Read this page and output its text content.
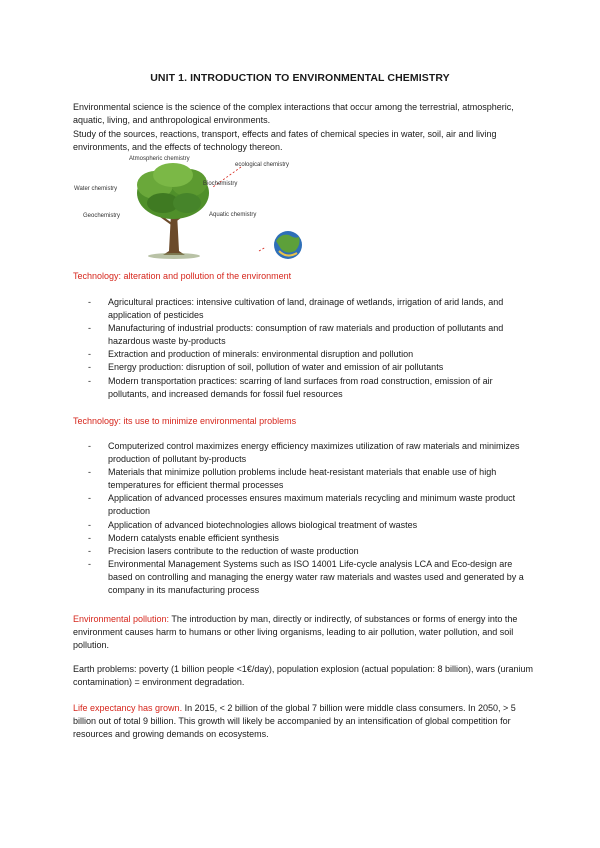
UNIT 1. INTRODUCTION TO ENVIRONMENTAL CHEMISTRY
Environmental science is the science of the complex interactions that occur among the terrestrial, atmospheric, aquatic, living, and anthropological environments.
Study of the sources, reactions, transport, effects and fates of chemical species in water, soil, air and living environments, and the effects of technology thereon.
Atmospheric chemistry
ecological chemistry
Water chemistry
Biochemistry
Geochemistry	Aquatic chemistry
Technology: alteration and pollution of the environment
- Agricultural practices: intensive cultivation of land, drainage of wetlands, irrigation of arid lands, and application of pesticides
- Manufacturing of industrial products: consumption of raw materials and production of pollutants and hazardous waste by-products
- Extraction and production of minerals: environmental disruption and pollution
- Energy production: disruption of soil, pollution of water and emission of air pollutants
- Modern transportation practices: scarring of land surfaces from road construction, emission of air pollutants, and increased demands for fossil fuel resources
Technology: its use to minimize environmental problems
- Computerized control maximizes energy efficiency maximizes utilization of raw materials and minimizes production of pollutant by-products
- Materials that minimize pollution problems include heat-resistant materials that enable use of high temperatures for efficient thermal processes
- Application of advanced processes ensures maximum materials recycling and minimum waste product production
- Application of advanced biotechnologies allows biological treatment of wastes
- Modern catalysts enable efficient synthesis
- Precision lasers contribute to the reduction of waste production
- Environmental Management Systems such as ISO 14001 Life-cycle analysis LCA and Eco-design are based on controlling and managing the energy water raw materials and wastes used and generated by a company in its manufacturing process
Environmental pollution: The introduction by man, directly or indirectly, of substances or forms of energy into the environment causes harm to humans or other living organisms, leading to air pollution, water pollution, and soil pollution.
Earth problems: poverty (1 billion people <1€/day), population explosion (actual population: 8 billion), wars (uranium contamination) = environment degradation.
Life expectancy has grown. In 2015, < 2 billion of the global 7 billion were middle class consumers. In 2050, > 5 billion out of total 9 billion. This growth will likely be accompanied by an intensification of global competition for resources and growing demands on ecosystems.
